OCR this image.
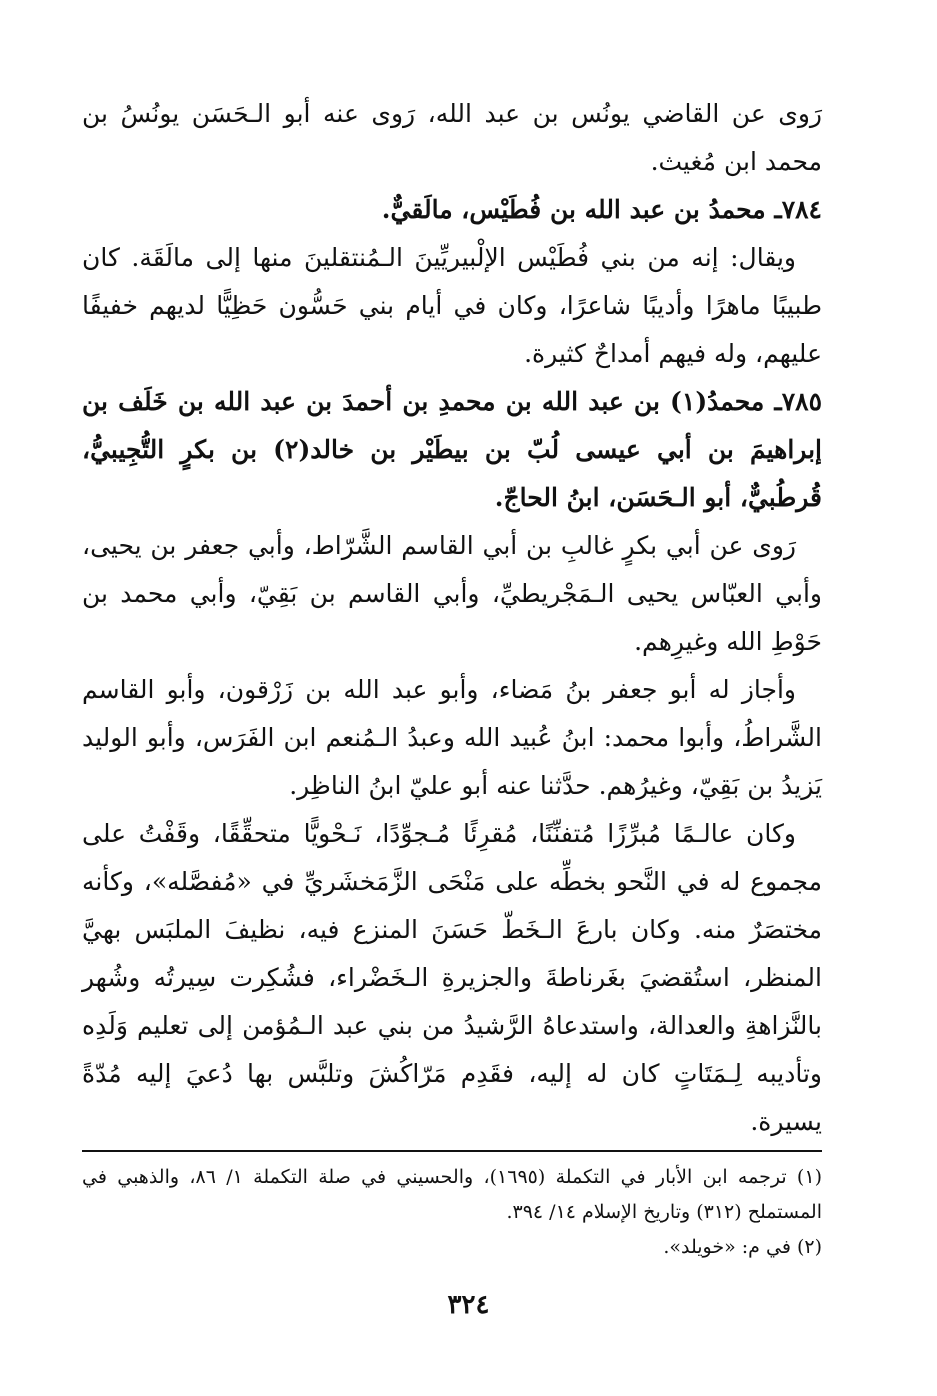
رَوى عن القاضي يونُس بن عبد الله، رَوى عنه أبو الـحَسَن يونُسُ بن محمد ابن مُغيث.

٧٨٤ـ محمدُ بن عبد الله بن فُطَيْس، مالَقيٌّ.

ويقال: إنه من بني فُطَيْس الإلْبيريِّينَ الـمُنتقلينَ منها إلى مالَقَة. كان طبيبًا ماهرًا وأديبًا شاعرًا، وكان في أيام بني حَسُّون حَظِيًّا لديهم خفيفًا عليهم، وله فيهم أمداحٌ كثيرة.

٧٨٥ـ محمدُ(١) بن عبد الله بن محمدِ بن أحمدَ بن عبد الله بن خَلَف بن إبراهيمَ بن أبي عيسى لُبّ بن بيطَيْر بن خالد(٢) بن بكرٍ التُّجِيبيُّ، قُرطُبيٌّ، أبو الـحَسَن، ابنُ الحاجّ.

رَوى عن أبي بكرٍ غالبِ بن أبي القاسم الشَّرّاط، وأبي جعفر بن يحيى، وأبي العبّاس يحيى الـمَجْريطيِّ، وأبي القاسم بن بَقِيّ، وأبي محمد بن حَوْطِ الله وغيرِهم.

وأجاز له أبو جعفر بنُ مَضاء، وأبو عبد الله بن زَرْقون، وأبو القاسم الشَّراطُ، وأبوا محمد: ابنُ عُبيد الله وعبدُ الـمُنعم ابن الفَرَس، وأبو الوليد يَزيدُ بن بَقِيّ، وغيرُهم. حدَّثنا عنه أبو عليّ ابنُ الناظِر.

وكان عالـمًا مُبرِّزًا مُتفنِّنًا، مُقرِئًا مُـجوِّدًا، نَـحْويًّا متحقِّقًا، وقَفْتُ على مجموع له في النَّحو بخطِّه على مَنْحَى الزَّمَخشَريِّ في «مُفصَّله»، وكأنه مختصَرٌ منه. وكان بارعَ الـخَطّ حَسَنَ المنزع فيه، نظيفَ الملبَس بهيَّ المنظر، استُقضيَ بغَرناطةَ والجزيرةِ الـخَضْراء، فشُكِرت سِيرتُه وشُهر بالنَّزاهةِ والعدالة، واستدعاهُ الرَّشيدُ من بني عبد الـمُؤمن إلى تعليم وَلَدِه وتأديبه لِـمَتَاتٍ كان له إليه، فقَدِم مَرّاكُشَ وتلبَّس بها دُعيَ إليه مُدّةً يسيرة.

(١) ترجمه ابن الأبار في التكملة (١٦٩٥)، والحسيني في صلة التكملة ١/ ٨٦، والذهبي في المستملح (٣١٢) وتاريخ الإسلام ١٤/ ٣٩٤.

(٢) في م: «خويلد».

٣٢٤
